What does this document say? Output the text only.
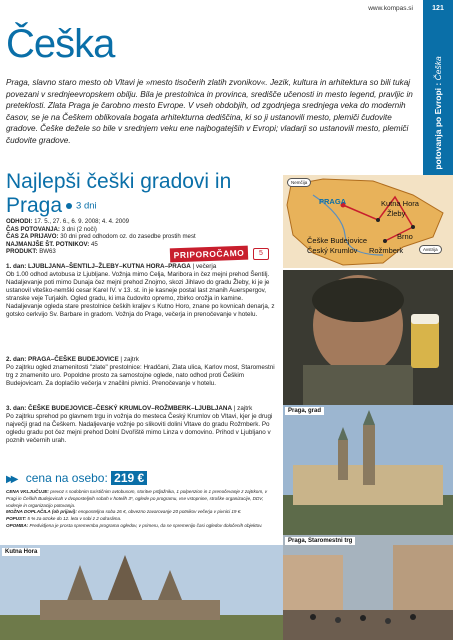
www.kompas.si	121
potovanja po Evropi : Češka
Češka

Praga, slavno staro mesto ob Vltavi je »mesto tisočerih zlatih zvonikov«. Jezik, kultura in arhitektura so bili tukaj povezani v srednjeevropskem obilju. Bila je prestolnica in provinca, središče učenosti in mesto legend, pravljic in preteklosti. Zlata Praga je čarobno mesto Evrope. V vseh obdobjih, od zgodnjega srednjega veka do modernih časov, se je na Češkem oblikovala bogata arhitekturna dediščina, ki so ji ustanovili mesto, plemiči čudovite gradove. Češke dežele so bile v srednjem veku ene najbogatejših v Evropi; vladarji so ustanovili mesto, plemiči čudovite gradove.

Najlepši češki gradovi in Praga 3 dni
ODHODI: 17. 5., 27. 6., 6. 9. 2008; 4. 4. 2009
ČAS POTOVANJA: 3 dni (2 noči)
ČAS ZA PRIJAVO: 30 dni pred odhodom oz. do zasedbe prostih mest
NAJMANJŠE ŠT. POTNIKOV: 45
PRODUKT: BW63	PRIPOROČAMO	5
Nemčija
Avstrija
PRAGA	Kutna Hora
Žleby
Brno
Češke Budejovice
Český Krumlov Rožmberk
Praga, grad
Kutna Hora
Praga, Staromestni trg
1. dan: LJUBLJANA–ŠENTILJ–ŽLEBY–KUTNA HORA–PRAGA | večerja
Ob 1.00 odhod avtobusa iz Ljubljane. Vožnja mimo Celja, Maribora in čez mejni prehod Šentilj. Nadaljevanje poti mimo Dunaja čez mejni prehod Znojmo, skozi Jihlavo do gradu Žleby, ki je je ustanovil viteško-nemški cesar Karel IV. v 13. st. in je kasneje postal last znanih Auerspergov, stranske veje Turjakih. Ogled gradu, ki ima čudovito opremo, zbirko orožja in kamine. Nadaljevanje ogleda stare prestolnice čeških kraljev s Kutno Horo, znane po kovnicah denarja, z gotsko cerkvijo Sv. Barbare in gradom. Vožnja do Prage, večerja in prenočevanje v hotelu.
2. dan: PRAGA–ČEŠKE BUDEJOVICE | zajtrk
Po zajtrku ogled znamenitosti "zlate" prestolnice: Hradčani, Zlata ulica, Karlov most, Staromestni trg z znamenito uro. Popoldne prosto za samostojne oglede, nato odhod proti Češkim Budejovicam. Za doplačilo večerja v značilni pivnici. Prenočevanje v hotelu.
3. dan: ČEŠKE BUDEJOVICE–ČESKÝ KRUMLOV–ROŽMBERK–LJUBLJANA | zajtrk
Po zajtrku sprehod po glavnem trgu in vožnja do mesteca Český Krumlov ob Vltavi, kjer je drugi največji grad na Češkem. Nadaljevanje vožnje po slikoviti dolini Vltave do gradu Rožmberk. Po ogledu gradu pot čez mejni prehod Dolní Dvořiště mimo Linza v domovino. Prihod v Ljubljano v poznih večernih urah.
▶▶ cena na osebo: 219 €
CENA VKLJUČUJE: prevoz s sodobnim turističnim avtobusom, storitve prtljažnika, 1 polpenzion in 1 prenočevanje z zajtrkom, v Pragi in Čeških Budejovicah v dvoposteljnih sobah v hotelih 3*, oglede po programu, vse vstopnine, stroške organizacije, DDV, vodenje in organizacijo potovanja.
MOŽNA DOPLAČILA (ob prijavi): enoposteljna soba 26 €, obvezno zavarovanje 20 potnikov večerja v pivnici 19 €.
POPUST: 5 % za otroke do 12. leta v sobi z 2 odraslima.
OPOMBA: Predvidjena je prosta sprememba programa ogledov, v primeru, da se spremenijo časi ogledov določenih objektov.
